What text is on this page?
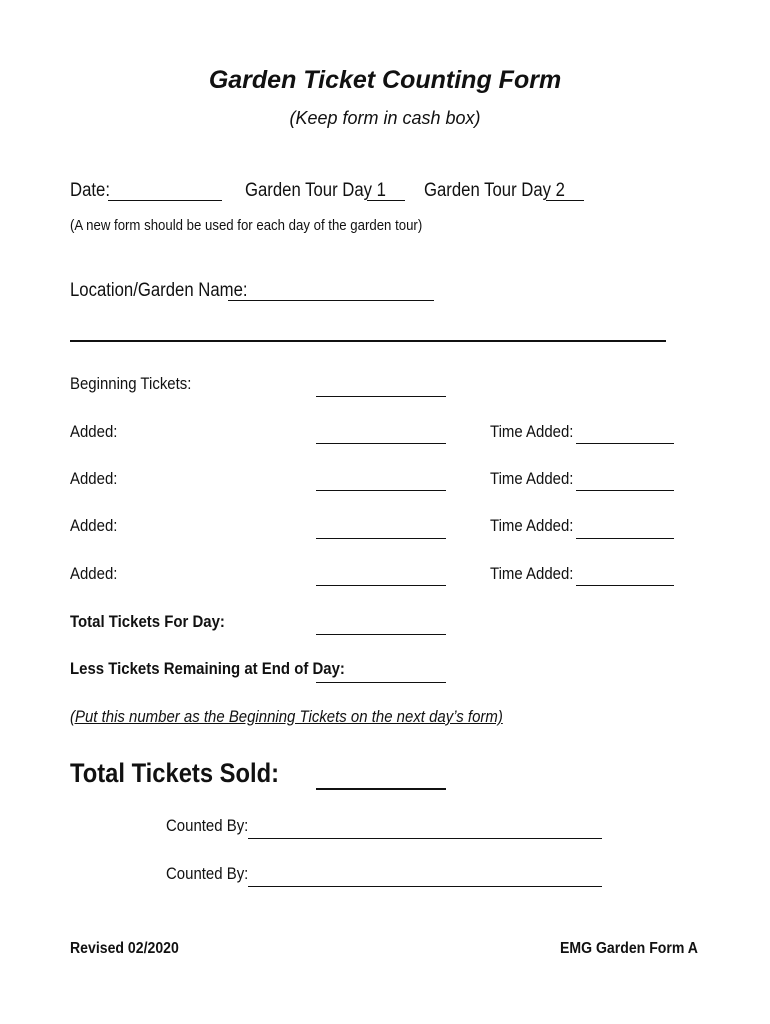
Garden Ticket Counting Form
(Keep form in cash box)
Date:	Garden Tour Day 1 Garden Tour Day 2
(A new form should be used for each day of the garden tour)
Location/Garden Name:
Beginning Tickets:
Added:	Time Added:
Added:	Time Added:
Added:	Time Added:
Added:	Time Added:
Total Tickets For Day:
Less Tickets Remaining at End of Day:
(Put this number as the Beginning Tickets on the next day’s form)
Total Tickets Sold:
Counted By:
Counted By:
Revised 02/2020	EMG Garden Form A
